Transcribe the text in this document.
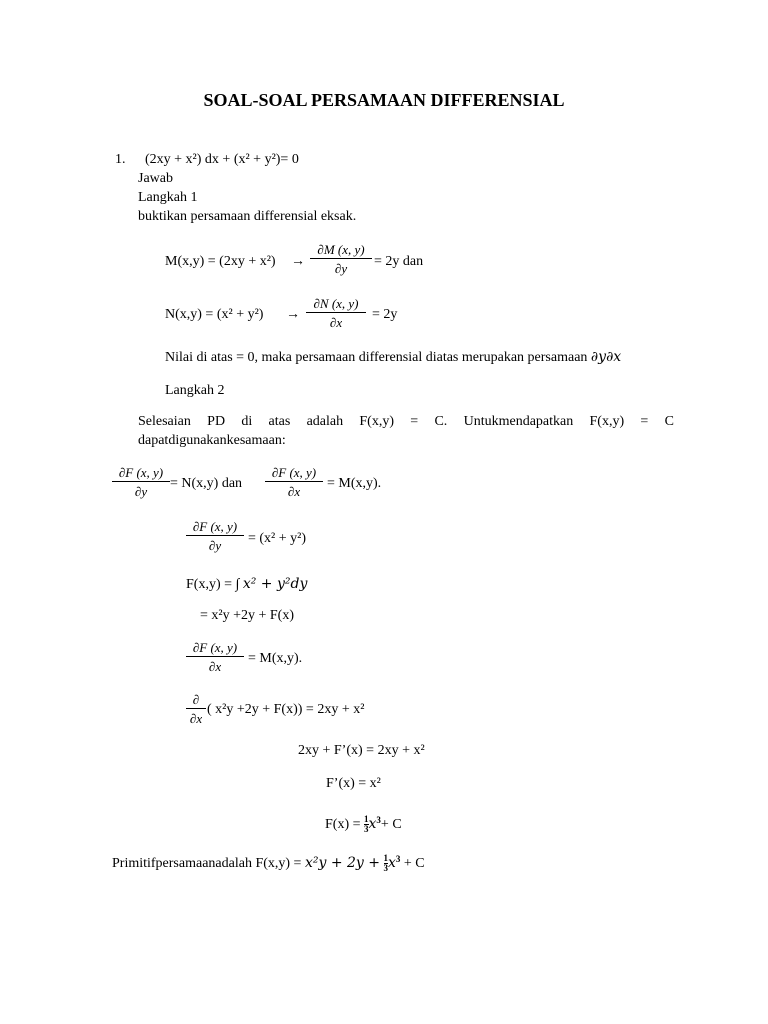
SOAL-SOAL PERSAMAAN DIFFERENSIAL
1. (2xy + x²) dx + (x² + y²)= 0
Jawab
Langkah 1
buktikan persamaan differensial eksak.
M(x,y) = (2xy + x²) →
∂M (x, y)
∂y	= 2y dan
N(x,y) = (x² + y²) →
∂N (x, y)
∂x
= 2y
Nilai di atas = 0, maka persamaan differensial diatas merupakan persamaan ∂𝑦∂𝑥
Langkah 2
Selesaian PD di atas adalah F(x,y) = C. Untukmendapatkan F(x,y) = C
dapatdigunakankesamaan:
∂F (x, y)
∂y
= N(x,y) dan
∂F (x, y)
∂x
= M(x,y).
∂F (x, y)
∂y	= (x² + y²)
F(x,y) = ∫ 𝑥² + 𝑦²𝑑𝑦
= x²y +2y + F(x)
∂F (x, y)
∂x
= M(x,y).
∂
∂x
( x²y +2y + F(x)) = 2xy + x²
2xy + F’(x) = 2xy + x²
F’(x) = x²
$F(x) = \frac{1}{3}𝑥^3+ C$
Primitifpersamaanadalah F(x,y) = 𝑥²𝑦 + 2𝑦 + $\frac{1}{3}𝑥^3 + C$
